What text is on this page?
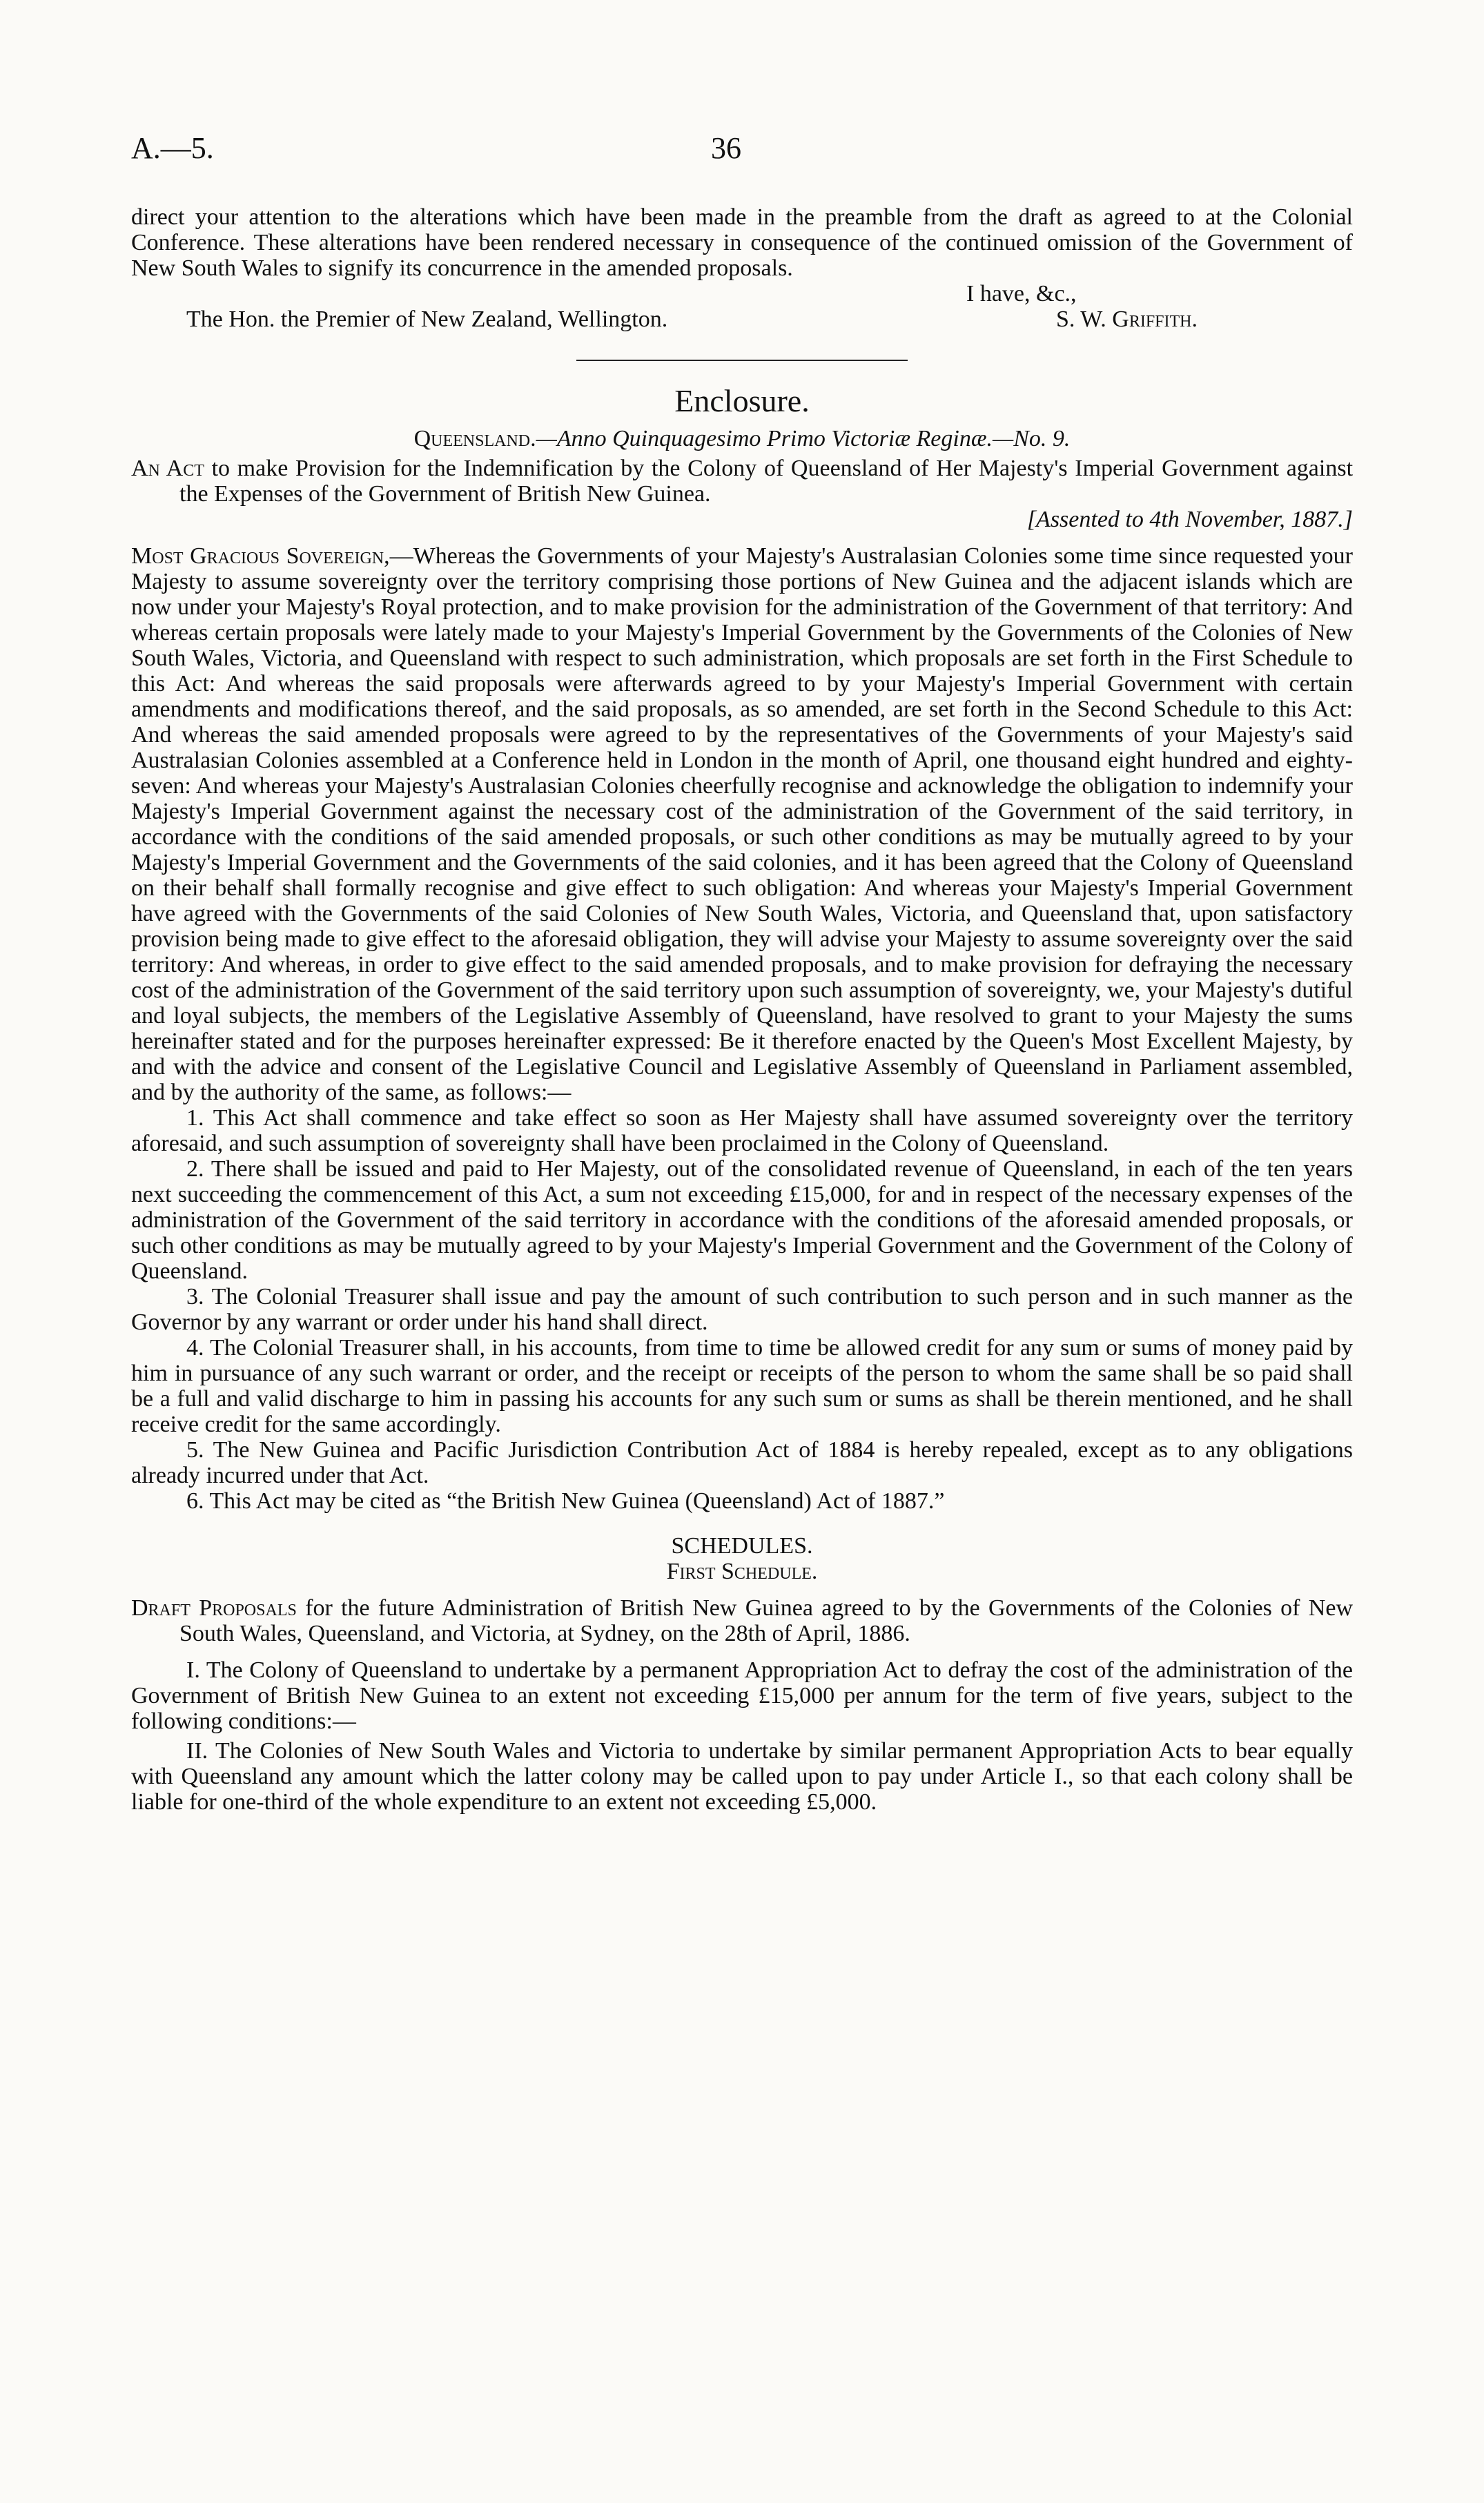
A.—5.	36

direct your attention to the alterations which have been made in the preamble from the draft as agreed to at the Colonial Conference. These alterations have been rendered necessary in consequence of the continued omission of the Government of New South Wales to signify its concurrence in the amended proposals.

I have, &c.,
The Hon. the Premier of New Zealand, Wellington.	S. W. Griffith.

Enclosure.

Queensland.—Anno Quinquagesimo Primo Victoriæ Reginæ.—No. 9.

An Act to make Provision for the Indemnification by the Colony of Queensland of Her Majesty's Imperial Government against the Expenses of the Government of British New Guinea.

[Assented to 4th November, 1887.]

Most Gracious Sovereign,—Whereas the Governments of your Majesty's Australasian Colonies some time since requested your Majesty to assume sovereignty over the territory comprising those portions of New Guinea and the adjacent islands which are now under your Majesty's Royal protection, and to make provision for the administration of the Government of that territory: And whereas certain proposals were lately made to your Majesty's Imperial Government by the Governments of the Colonies of New South Wales, Victoria, and Queensland with respect to such administration, which proposals are set forth in the First Schedule to this Act: And whereas the said proposals were afterwards agreed to by your Majesty's Imperial Government with certain amendments and modifications thereof, and the said proposals, as so amended, are set forth in the Second Schedule to this Act: And whereas the said amended proposals were agreed to by the representatives of the Governments of your Majesty's said Australasian Colonies assembled at a Conference held in London in the month of April, one thousand eight hundred and eighty-seven: And whereas your Majesty's Australasian Colonies cheerfully recognise and acknowledge the obligation to indemnify your Majesty's Imperial Government against the necessary cost of the administration of the Government of the said territory, in accordance with the conditions of the said amended proposals, or such other conditions as may be mutually agreed to by your Majesty's Imperial Government and the Governments of the said colonies, and it has been agreed that the Colony of Queensland on their behalf shall formally recognise and give effect to such obligation: And whereas your Majesty's Imperial Government have agreed with the Governments of the said Colonies of New South Wales, Victoria, and Queensland that, upon satisfactory provision being made to give effect to the aforesaid obligation, they will advise your Majesty to assume sovereignty over the said territory: And whereas, in order to give effect to the said amended proposals, and to make provision for defraying the necessary cost of the administration of the Government of the said territory upon such assumption of sovereignty, we, your Majesty's dutiful and loyal subjects, the members of the Legislative Assembly of Queensland, have resolved to grant to your Majesty the sums hereinafter stated and for the purposes hereinafter expressed: Be it therefore enacted by the Queen's Most Excellent Majesty, by and with the advice and consent of the Legislative Council and Legislative Assembly of Queensland in Parliament assembled, and by the authority of the same, as follows:—

1. This Act shall commence and take effect so soon as Her Majesty shall have assumed sovereignty over the territory aforesaid, and such assumption of sovereignty shall have been proclaimed in the Colony of Queensland.

2. There shall be issued and paid to Her Majesty, out of the consolidated revenue of Queensland, in each of the ten years next succeeding the commencement of this Act, a sum not exceeding £15,000, for and in respect of the necessary expenses of the administration of the Government of the said territory in accordance with the conditions of the aforesaid amended proposals, or such other conditions as may be mutually agreed to by your Majesty's Imperial Government and the Government of the Colony of Queensland.

3. The Colonial Treasurer shall issue and pay the amount of such contribution to such person and in such manner as the Governor by any warrant or order under his hand shall direct.

4. The Colonial Treasurer shall, in his accounts, from time to time be allowed credit for any sum or sums of money paid by him in pursuance of any such warrant or order, and the receipt or receipts of the person to whom the same shall be so paid shall be a full and valid discharge to him in passing his accounts for any such sum or sums as shall be therein mentioned, and he shall receive credit for the same accordingly.

5. The New Guinea and Pacific Jurisdiction Contribution Act of 1884 is hereby repealed, except as to any obligations already incurred under that Act.

6. This Act may be cited as “the British New Guinea (Queensland) Act of 1887.”

SCHEDULES.

First Schedule.

Draft Proposals for the future Administration of British New Guinea agreed to by the Governments of the Colonies of New South Wales, Queensland, and Victoria, at Sydney, on the 28th of April, 1886.

I. The Colony of Queensland to undertake by a permanent Appropriation Act to defray the cost of the administration of the Government of British New Guinea to an extent not exceeding £15,000 per annum for the term of five years, subject to the following conditions:—

II. The Colonies of New South Wales and Victoria to undertake by similar permanent Appropriation Acts to bear equally with Queensland any amount which the latter colony may be called upon to pay under Article I., so that each colony shall be liable for one-third of the whole expenditure to an extent not exceeding £5,000.
